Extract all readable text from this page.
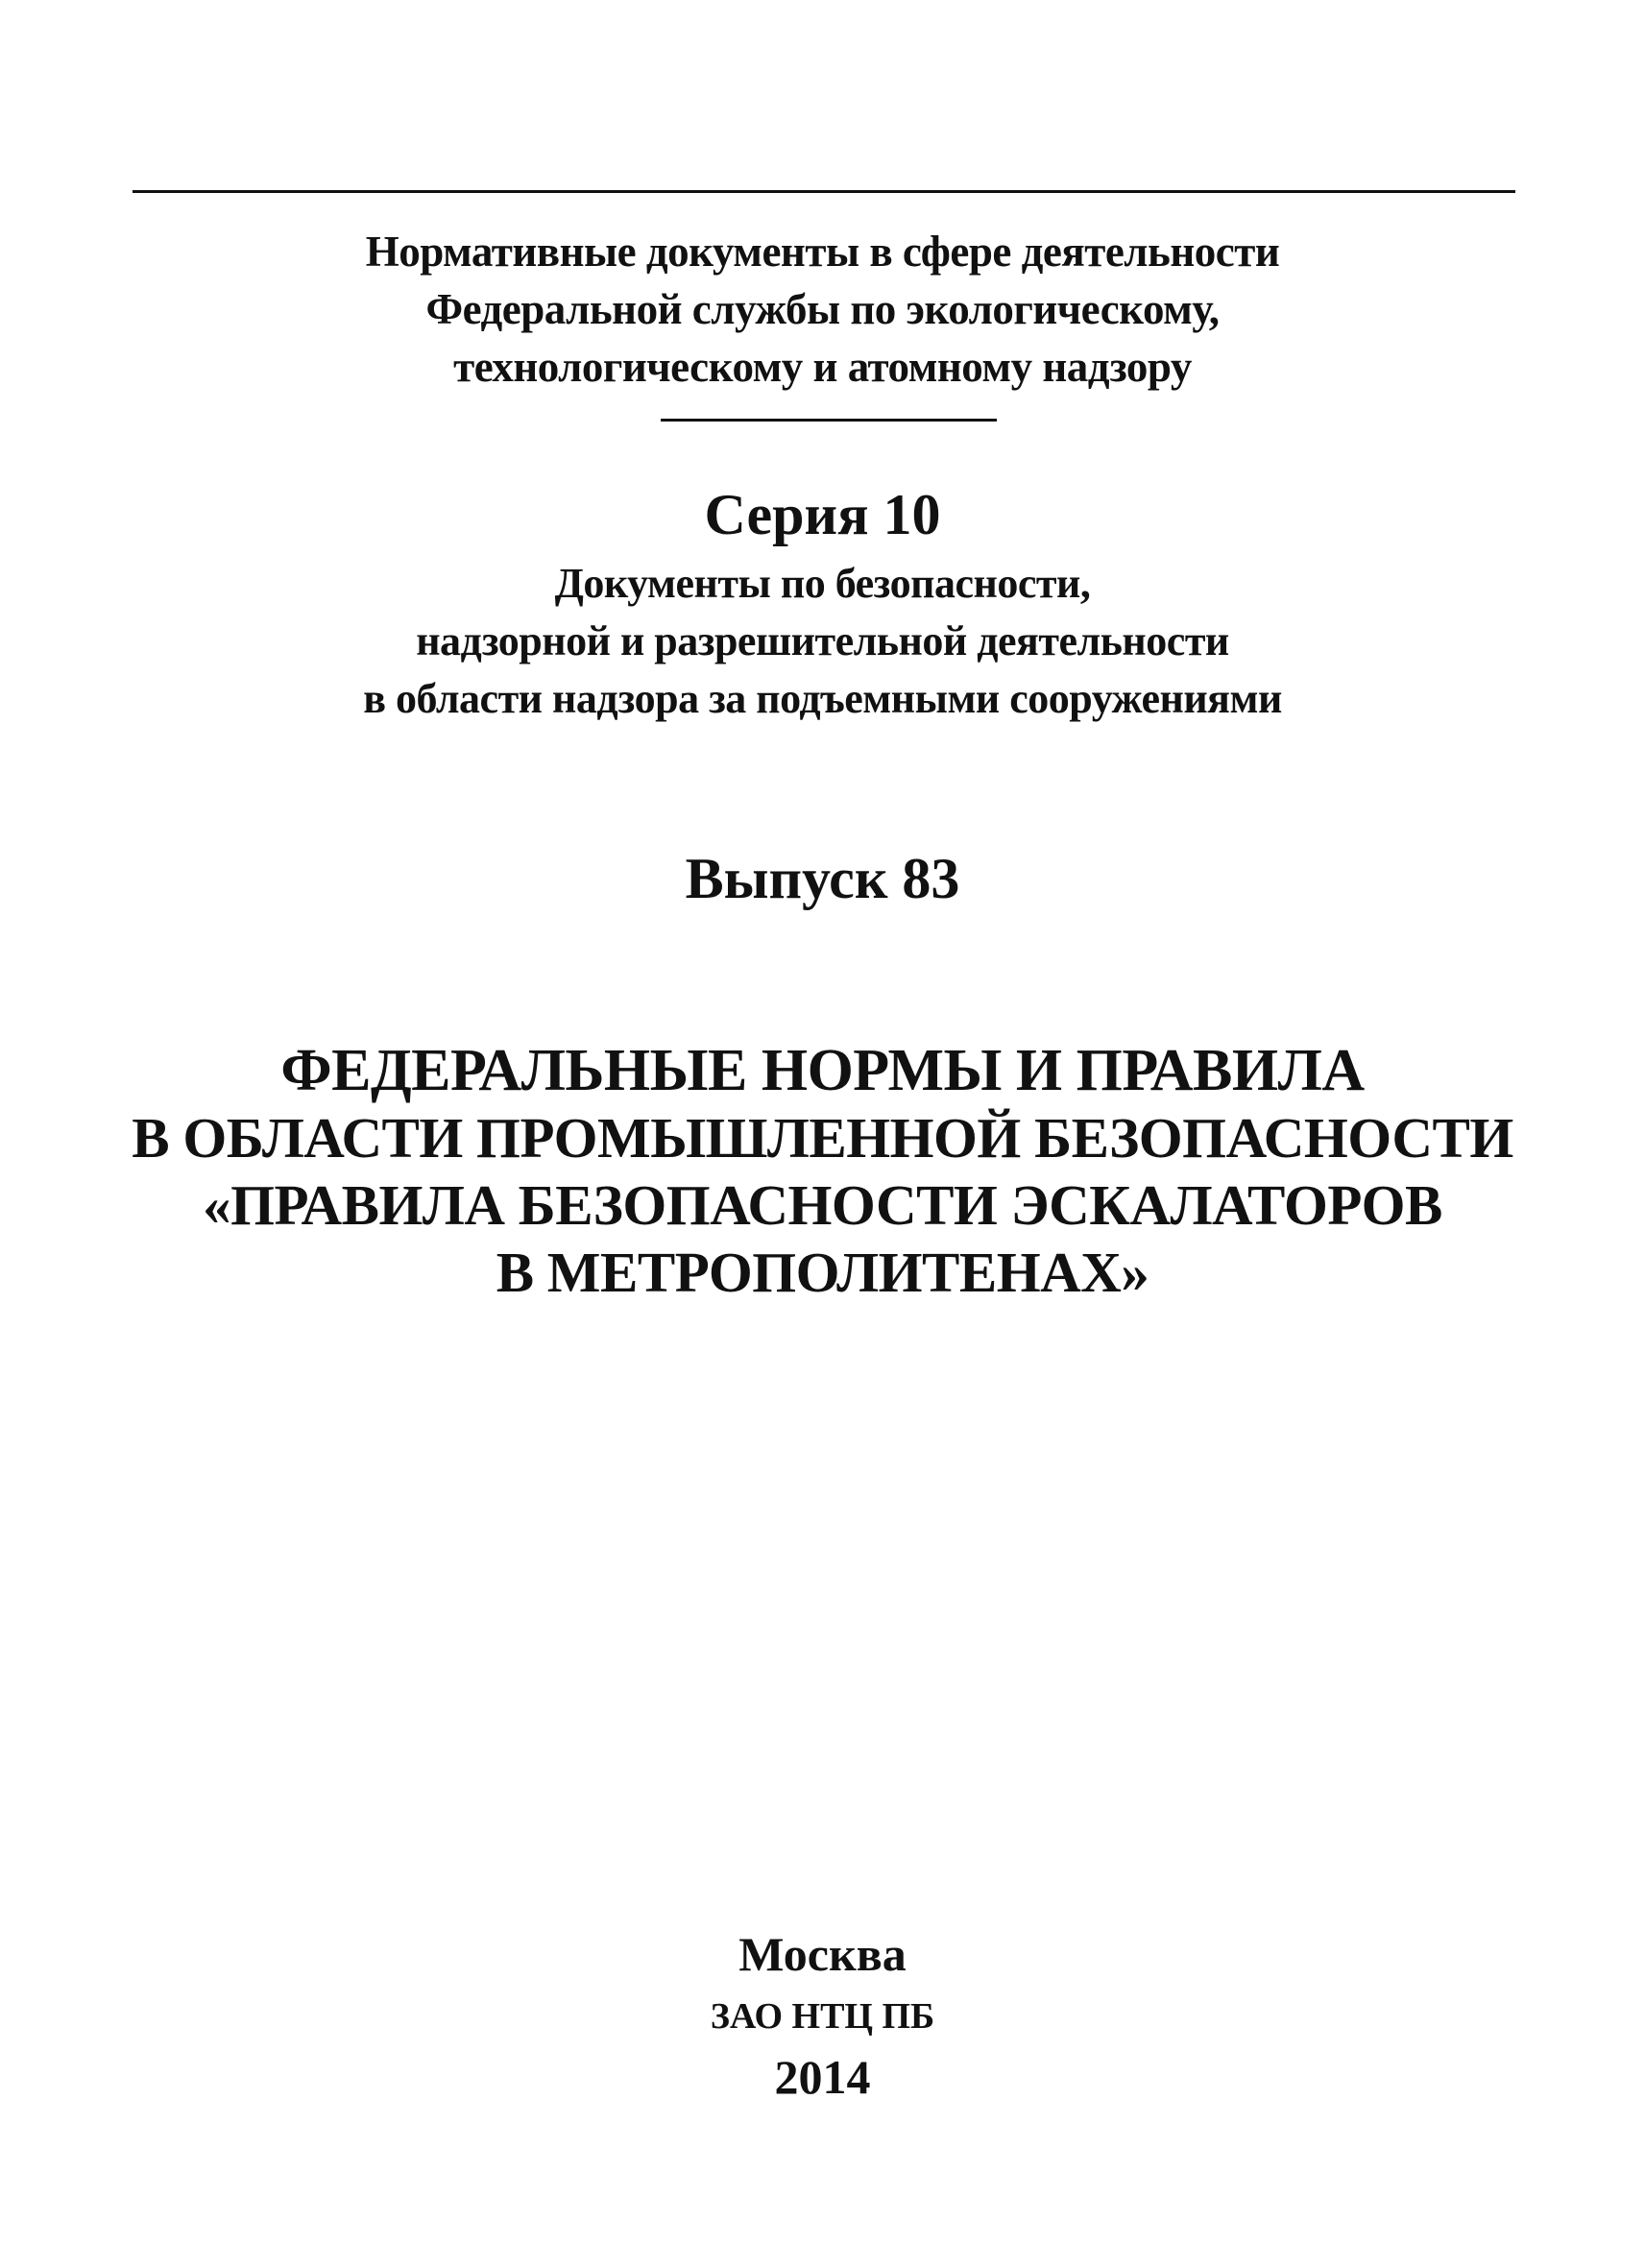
Нормативные документы в сфере деятельности
Федеральной службы по экологическому,
технологическому и атомному надзору
Серия 10
Документы по безопасности,
надзорной и разрешительной деятельности
в области надзора за подъемными сооружениями
Выпуск 83
ФЕДЕРАЛЬНЫЕ НОРМЫ И ПРАВИЛА
В ОБЛАСТИ ПРОМЫШЛЕННОЙ БЕЗОПАСНОСТИ
«ПРАВИЛА БЕЗОПАСНОСТИ ЭСКАЛАТОРОВ
В МЕТРОПОЛИТЕНАХ»
Москва
ЗАО НТЦ ПБ
2014
